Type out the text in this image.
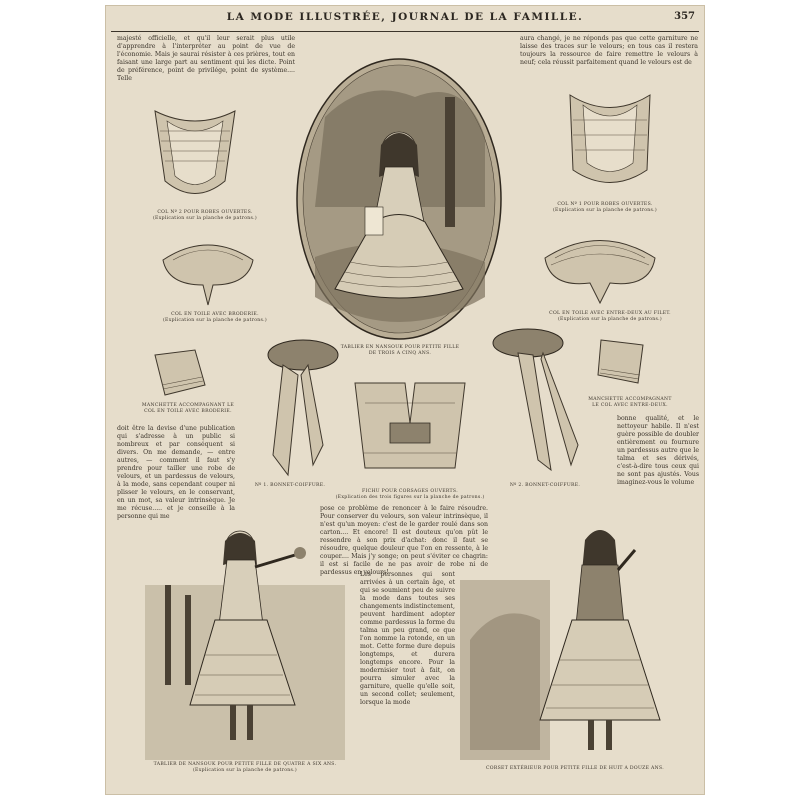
LA MODE ILLUSTRÉE, JOURNAL DE LA FAMILLE.	357
majesté officielle, et qu'il leur serait plus utile d'apprendre à l'interpréter au point de vue de l'économie. Mais je saurai résister à ces prières, tout en faisant une large part au sentiment qui les dicte. Point de préférence, point de privilége, point de système.... Telle
aura changé, je ne réponds pas que cette garniture ne laisse des traces sur le velours; en tous cas il restera toujours la ressource de faire remettre le velours à neuf; cela réussit parfaitement quand le velours est de
TABLIER EN NANSOUK POUR PETITE FILLE
DE TROIS A CINQ ANS.
COL Nº 2 POUR ROBES OUVERTES.
(Explication sur la planche de patrons.)
COL EN TOILE AVEC BRODERIE.
(Explication sur la planche de patrons.)
COL Nº 1 POUR ROBES OUVERTES.
(Explication sur la planche de patrons.)
COL EN TOILE AVEC ENTRE-DEUX AU FILET.
(Explication sur la planche de patrons.)
MANCHETTE ACCOMPAGNANT LE
COL EN TOILE AVEC BRODERIE.
Nº 1. BONNET-COIFFURE.
FICHU POUR CORSAGES OUVERTS.
(Explication des trois figures sur la planche de patrons.)
Nº 2. BONNET-COIFFURE.
MANCHETTE ACCOMPAGNANT
LE COL AVEC ENTRE-DEUX.
doit être la devise d'une publication qui s'adresse à un public si nombreux et par conséquent si divers. On me demande, — entre autres, — comment il faut s'y prendre pour tailler une robe de velours, et un pardessus de velours, à la mode, sans cependant couper ni plisser le velours, en le conservant, en un mot, sa valeur intrinsèque. Je me récuse..... et je conseille à la personne qui me
bonne qualité, et le nettoyeur habile. Il n'est guère possible de doubler entièrement ou fournure un pardessus autre que le talma et ses dérivés, c'est-à-dire tous ceux qui ne sont pas ajustés. Vous imaginez-vous le volume
pose ce problème de renoncer à le faire résoudre. Pour conserver du velours, son valeur intrinsèque, il n'est qu'un moyen: c'est de le garder roulé dans son carton.... Et encore! Il est douteux qu'on pût le ressendre à son prix d'achat: donc il faut se résoudre, quelque douleur que l'on en ressente, à le couper.... Mais j'y songe; on peut s'éviter ce chagrin: il est si facile de ne pas avoir de robe ni de pardessus en velours!
Les personnes qui sont arrivées à un certain âge, et qui se soumient peu de suivre la mode dans toutes ses changements indistinctement, peuvent hardiment adopter comme pardessus la forme du talma un peu grand, ce que l'on nomme la rotonde, en un mot. Cette forme dure depuis longtemps, et durera longtemps encore. Pour la modernisier tout à fait, on pourra simuler avec la garniture, quelle qu'elle soit, un second collet; seulement, lorsque la mode
TABLIER DE NANSOUK POUR PETITE FILLE DE QUATRE A SIX ANS.
(Explication sur la planche de patrons.)	CORSET EXTÉRIEUR POUR PETITE FILLE DE HUIT A DOUZE ANS.
